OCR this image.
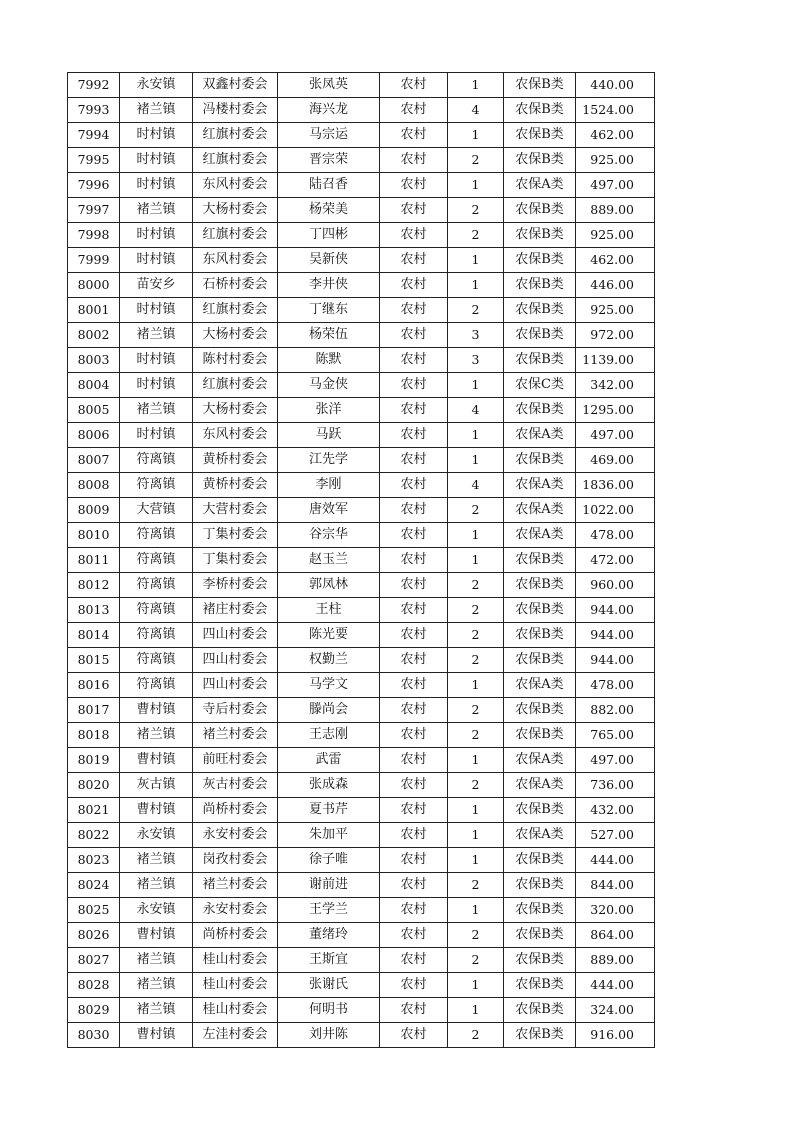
7992	永安镇	双鑫村委会	张凤英	农村	1	农保B类	440.00
7993	褚兰镇	冯楼村委会	海兴龙	农村	4	农保B类	1524.00
7994	时村镇	红旗村委会	马宗运	农村	1	农保B类	462.00
7995	时村镇	红旗村委会	晋宗荣	农村	2	农保B类	925.00
7996	时村镇	东风村委会	陆召香	农村	1	农保A类	497.00
7997	褚兰镇	大杨村委会	杨荣美	农村	2	农保B类	889.00
7998	时村镇	红旗村委会	丁四彬	农村	2	农保B类	925.00
7999	时村镇	东风村委会	吴新侠	农村	1	农保B类	462.00
8000	苗安乡	石桥村委会	李井侠	农村	1	农保B类	446.00
8001	时村镇	红旗村委会	丁继东	农村	2	农保B类	925.00
8002	褚兰镇	大杨村委会	杨荣伍	农村	3	农保B类	972.00
8003	时村镇	陈村村委会	陈默	农村	3	农保B类	1139.00
8004	时村镇	红旗村委会	马金侠	农村	1	农保C类	342.00
8005	褚兰镇	大杨村委会	张洋	农村	4	农保B类	1295.00
8006	时村镇	东风村委会	马跃	农村	1	农保A类	497.00
8007	符离镇	黄桥村委会	江先学	农村	1	农保B类	469.00
8008	符离镇	黄桥村委会	李刚	农村	4	农保A类	1836.00
8009	大营镇	大营村委会	唐效军	农村	2	农保A类	1022.00
8010	符离镇	丁集村委会	谷宗华	农村	1	农保A类	478.00
8011	符离镇	丁集村委会	赵玉兰	农村	1	农保B类	472.00
8012	符离镇	李桥村委会	郭凤林	农村	2	农保B类	960.00
8013	符离镇	褚庄村委会	王柱	农村	2	农保B类	944.00
8014	符离镇	四山村委会	陈光要	农村	2	农保B类	944.00
8015	符离镇	四山村委会	权勤兰	农村	2	农保B类	944.00
8016	符离镇	四山村委会	马学文	农村	1	农保A类	478.00
8017	曹村镇	寺后村委会	滕尚会	农村	2	农保B类	882.00
8018	褚兰镇	褚兰村委会	王志刚	农村	2	农保B类	765.00
8019	曹村镇	前旺村委会	武雷	农村	1	农保A类	497.00
8020	灰古镇	灰古村委会	张成森	农村	2	农保A类	736.00
8021	曹村镇	尚桥村委会	夏书芹	农村	1	农保B类	432.00
8022	永安镇	永安村委会	朱加平	农村	1	农保A类	527.00
8023	褚兰镇	岗孜村委会	徐子唯	农村	1	农保B类	444.00
8024	褚兰镇	褚兰村委会	谢前进	农村	2	农保B类	844.00
8025	永安镇	永安村委会	王学兰	农村	1	农保B类	320.00
8026	曹村镇	尚桥村委会	董绪玲	农村	2	农保B类	864.00
8027	褚兰镇	桂山村委会	王斯宜	农村	2	农保B类	889.00
8028	褚兰镇	桂山村委会	张谢氏	农村	1	农保B类	444.00
8029	褚兰镇	桂山村委会	何明书	农村	1	农保B类	324.00
8030	曹村镇	左洼村委会	刘井陈	农村	2	农保B类	916.00
